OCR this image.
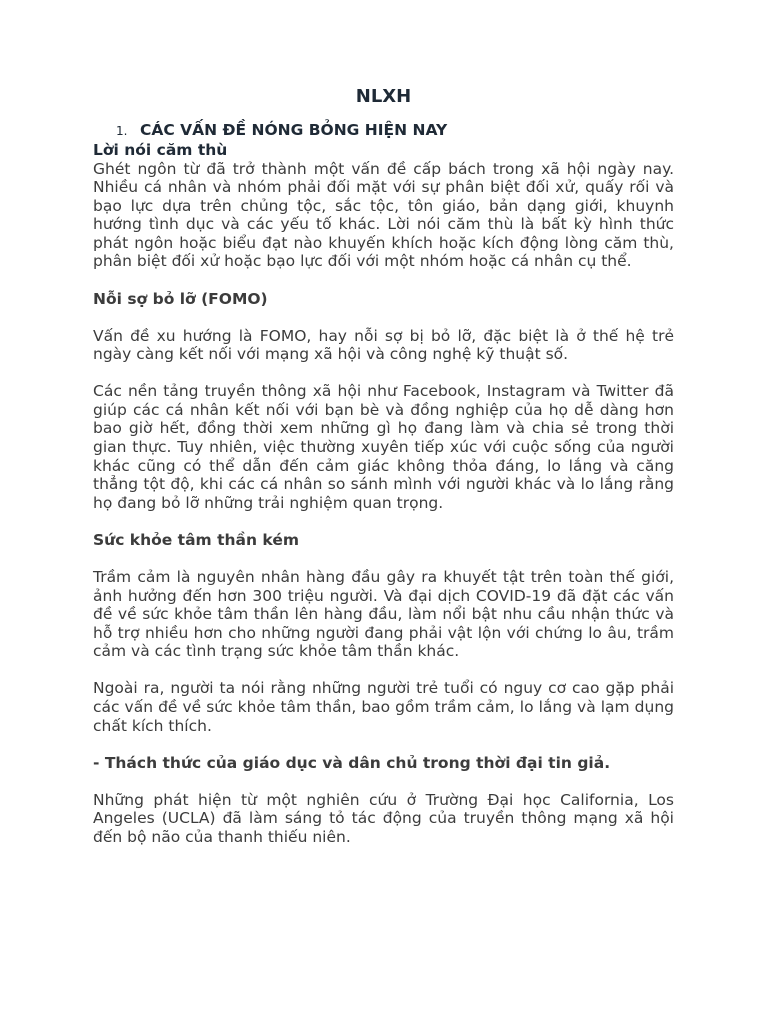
NLXH
1. CÁC VẤN ĐỀ NÓNG BỎNG HIỆN NAY
Lời nói căm thù

Ghét ngôn từ đã trở thành một vấn đề cấp bách trong xã hội ngày nay. Nhiều cá nhân và nhóm phải đối mặt với sự phân biệt đối xử, quấy rối và bạo lực dựa trên chủng tộc, sắc tộc, tôn giáo, bản dạng giới, khuynh hướng tình dục và các yếu tố khác. Lời nói căm thù là bất kỳ hình thức phát ngôn hoặc biểu đạt nào khuyến khích hoặc kích động lòng căm thù, phân biệt đối xử hoặc bạo lực đối với một nhóm hoặc cá nhân cụ thể.

Nỗi sợ bỏ lỡ (FOMO)

Vấn đề xu hướng là FOMO, hay nỗi sợ bị bỏ lỡ, đặc biệt là ở thế hệ trẻ ngày càng kết nối với mạng xã hội và công nghệ kỹ thuật số.

Các nền tảng truyền thông xã hội như Facebook, Instagram và Twitter đã giúp các cá nhân kết nối với bạn bè và đồng nghiệp của họ dễ dàng hơn bao giờ hết, đồng thời xem những gì họ đang làm và chia sẻ trong thời gian thực. Tuy nhiên, việc thường xuyên tiếp xúc với cuộc sống của người khác cũng có thể dẫn đến cảm giác không thỏa đáng, lo lắng và căng thẳng tột độ, khi các cá nhân so sánh mình với người khác và lo lắng rằng họ đang bỏ lỡ những trải nghiệm quan trọng.

Sức khỏe tâm thần kém

Trầm cảm là nguyên nhân hàng đầu gây ra khuyết tật trên toàn thế giới, ảnh hưởng đến hơn 300 triệu người. Và đại dịch COVID-19 đã đặt các vấn đề về sức khỏe tâm thần lên hàng đầu, làm nổi bật nhu cầu nhận thức và hỗ trợ nhiều hơn cho những người đang phải vật lộn với chứng lo âu, trầm cảm và các tình trạng sức khỏe tâm thần khác.

Ngoài ra, người ta nói rằng những người trẻ tuổi có nguy cơ cao gặp phải các vấn đề về sức khỏe tâm thần, bao gồm trầm cảm, lo lắng và lạm dụng chất kích thích.

- Thách thức của giáo dục và dân chủ trong thời đại tin giả.

Những phát hiện từ một nghiên cứu ở Trường Đại học California, Los Angeles (UCLA) đã làm sáng tỏ tác động của truyền thông mạng xã hội đến bộ não của thanh thiếu niên.
